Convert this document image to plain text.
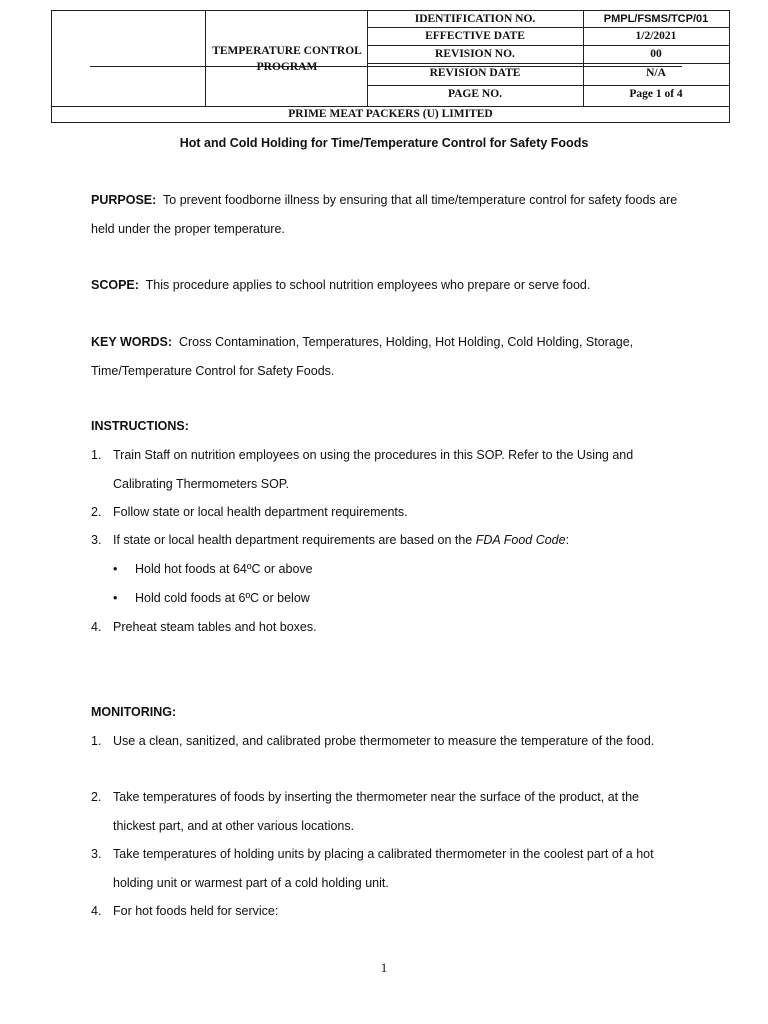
TEMPERATURE CONTROL PROGRAM
IDENTIFICATION NO.	PMPL/FSMS/TCP/01
EFFECTIVE DATE	1/2/2021
REVISION NO.	00
REVISION DATE	N/A
PAGE NO.	Page 1 of 4
PRIME MEAT PACKERS (U) LIMITED
Hot and Cold Holding for Time/Temperature Control for Safety Foods
PURPOSE: To prevent foodborne illness by ensuring that all time/temperature control for safety foods are held under the proper temperature.
SCOPE: This procedure applies to school nutrition employees who prepare or serve food.
KEY WORDS: Cross Contamination, Temperatures, Holding, Hot Holding, Cold Holding, Storage, Time/Temperature Control for Safety Foods.
INSTRUCTIONS:
1. Train Staff on nutrition employees on using the procedures in this SOP. Refer to the Using and Calibrating Thermometers SOP.
2. Follow state or local health department requirements.
3. If state or local health department requirements are based on the FDA Food Code:
• Hold hot foods at 64ºC or above
• Hold cold foods at 6ºC or below
4. Preheat steam tables and hot boxes.
MONITORING:
1. Use a clean, sanitized, and calibrated probe thermometer to measure the temperature of the food.
2. Take temperatures of foods by inserting the thermometer near the surface of the product, at the thickest part, and at other various locations.
3. Take temperatures of holding units by placing a calibrated thermometer in the coolest part of a hot holding unit or warmest part of a cold holding unit.
4. For hot foods held for service:
1
